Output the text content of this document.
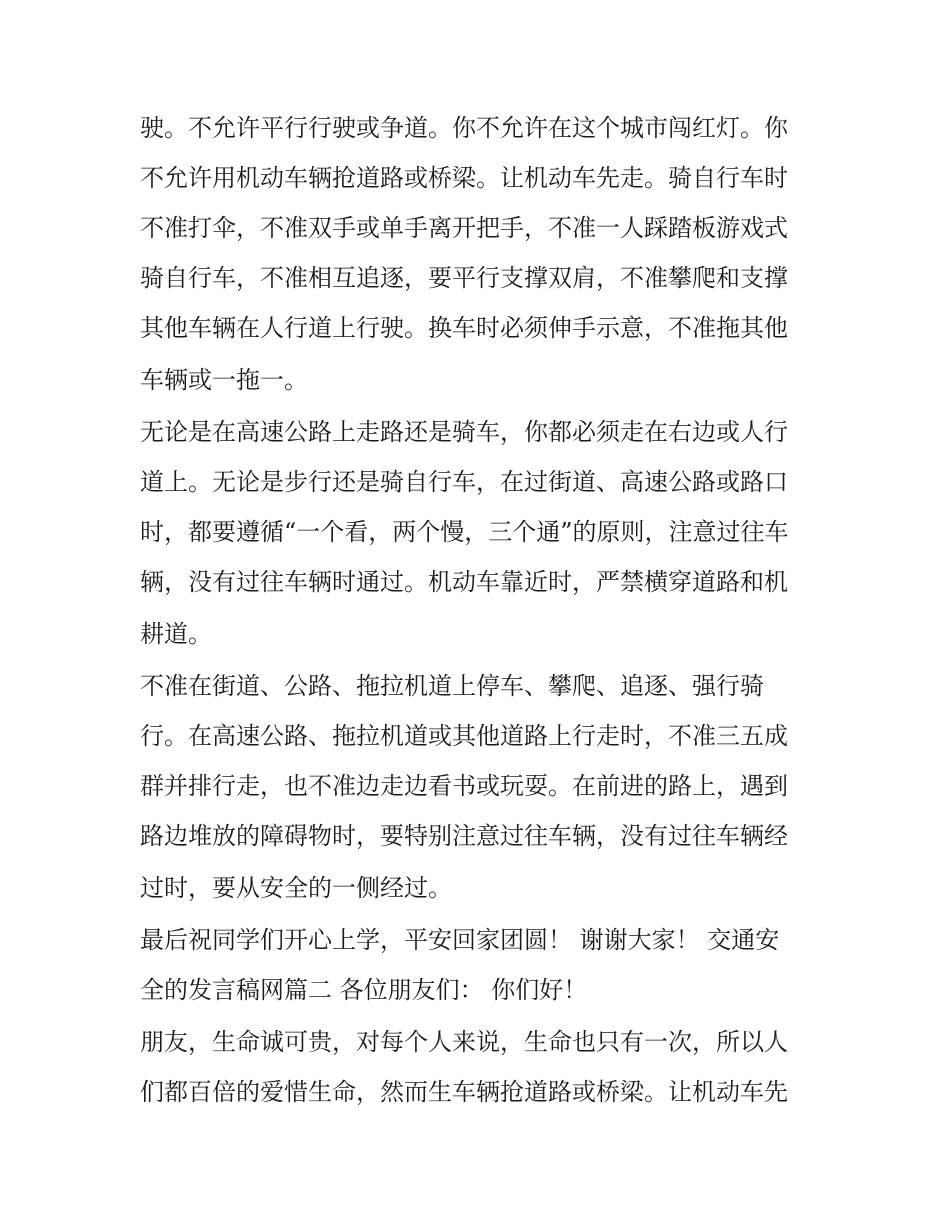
驶。不允许平行行驶或争道。你不允许在这个城市闯红灯。你
不允许用机动车辆抢道路或桥梁。让机动车先走。骑自行车时
不准打伞，不准双手或单手离开把手，不准一人踩踏板游戏式
骑自行车，不准相互追逐，要平行支撑双肩，不准攀爬和支撑
其他车辆在人行道上行驶。换车时必须伸手示意，不准拖其他
车辆或一拖一。
无论是在高速公路上走路还是骑车，你都必须走在右边或人行
道上。无论是步行还是骑自行车，在过街道、高速公路或路口
时，都要遵循“一个看，两个慢，三个通”的原则，注意过往车
辆，没有过往车辆时通过。机动车靠近时，严禁横穿道路和机
耕道。
不准在街道、公路、拖拉机道上停车、攀爬、追逐、强行骑
行。在高速公路、拖拉机道或其他道路上行走时，不准三五成
群并排行走，也不准边走边看书或玩耍。在前进的路上，遇到
路边堆放的障碍物时，要特别注意过往车辆，没有过往车辆经
过时，要从安全的一侧经过。
最后祝同学们开心上学，平安回家团圆！ 谢谢大家！ 交通安
全的发言稿网篇二 各位朋友们： 你们好！
朋友，生命诚可贵，对每个人来说，生命也只有一次，所以人
们都百倍的爱惜生命，然而生车辆抢道路或桥梁。让机动车先
